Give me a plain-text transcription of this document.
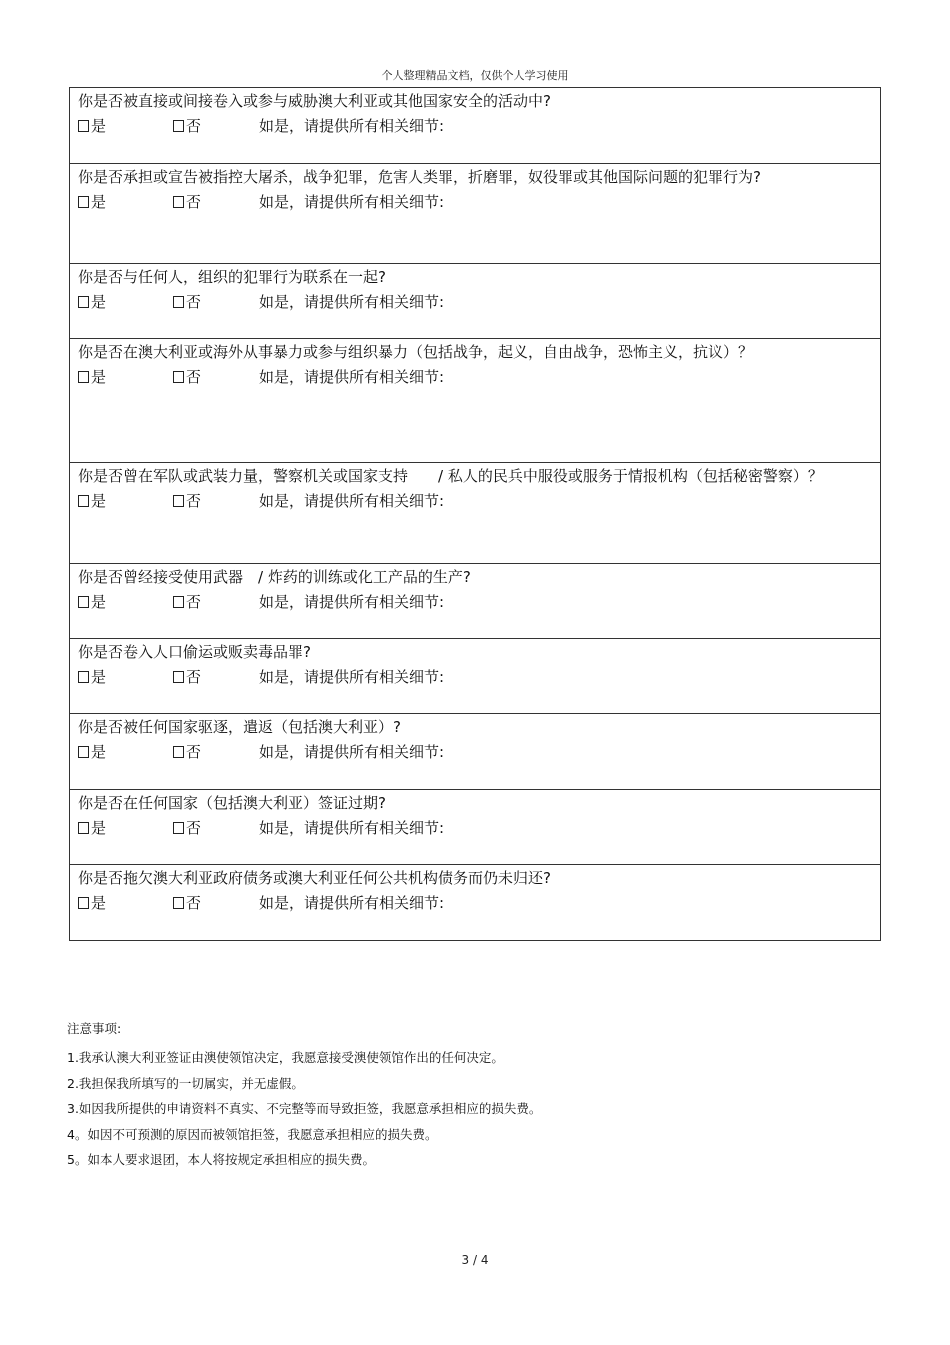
个人整理精品文档，仅供个人学习使用

你是否被直接或间接卷入或参与威胁澳大利亚或其他国家安全的活动中?

是	否	如是，请提供所有相关细节:

你是否承担或宣告被指控大屠杀，战争犯罪，危害人类罪，折磨罪，奴役罪或其他国际问题的犯罪行为?

是	否	如是，请提供所有相关细节:

你是否与任何人，组织的犯罪行为联系在一起?

是	否	如是，请提供所有相关细节:

你是否在澳大利亚或海外从事暴力或参与组织暴力（包括战争，起义，自由战争，恐怖主义，抗议）？

是	否	如是，请提供所有相关细节:

你是否曾在军队或武装力量，警察机关或国家支持　　/ 私人的民兵中服役或服务于情报机构（包括秘密警察）？

是	否	如是，请提供所有相关细节:

你是否曾经接受使用武器　/ 炸药的训练或化工产品的生产?

是	否	如是，请提供所有相关细节:

你是否卷入人口偷运或贩卖毒品罪?

是	否	如是，请提供所有相关细节:

你是否被任何国家驱逐，遣返（包括澳大利亚）?

是	否	如是，请提供所有相关细节:

你是否在任何国家（包括澳大利亚）签证过期?

是	否	如是，请提供所有相关细节:

你是否拖欠澳大利亚政府债务或澳大利亚任何公共机构债务而仍未归还?

是	否	如是，请提供所有相关细节:
注意事项:
1.我承认澳大利亚签证由澳使领馆决定，我愿意接受澳使领馆作出的任何决定。
2.我担保我所填写的一切属实，并无虚假。
3.如因我所提供的申请资料不真实、不完整等而导致拒签，我愿意承担相应的损失费。
4。如因不可预测的原因而被领馆拒签，我愿意承担相应的损失费。
5。如本人要求退团，本人将按规定承担相应的损失费。
3 / 4
